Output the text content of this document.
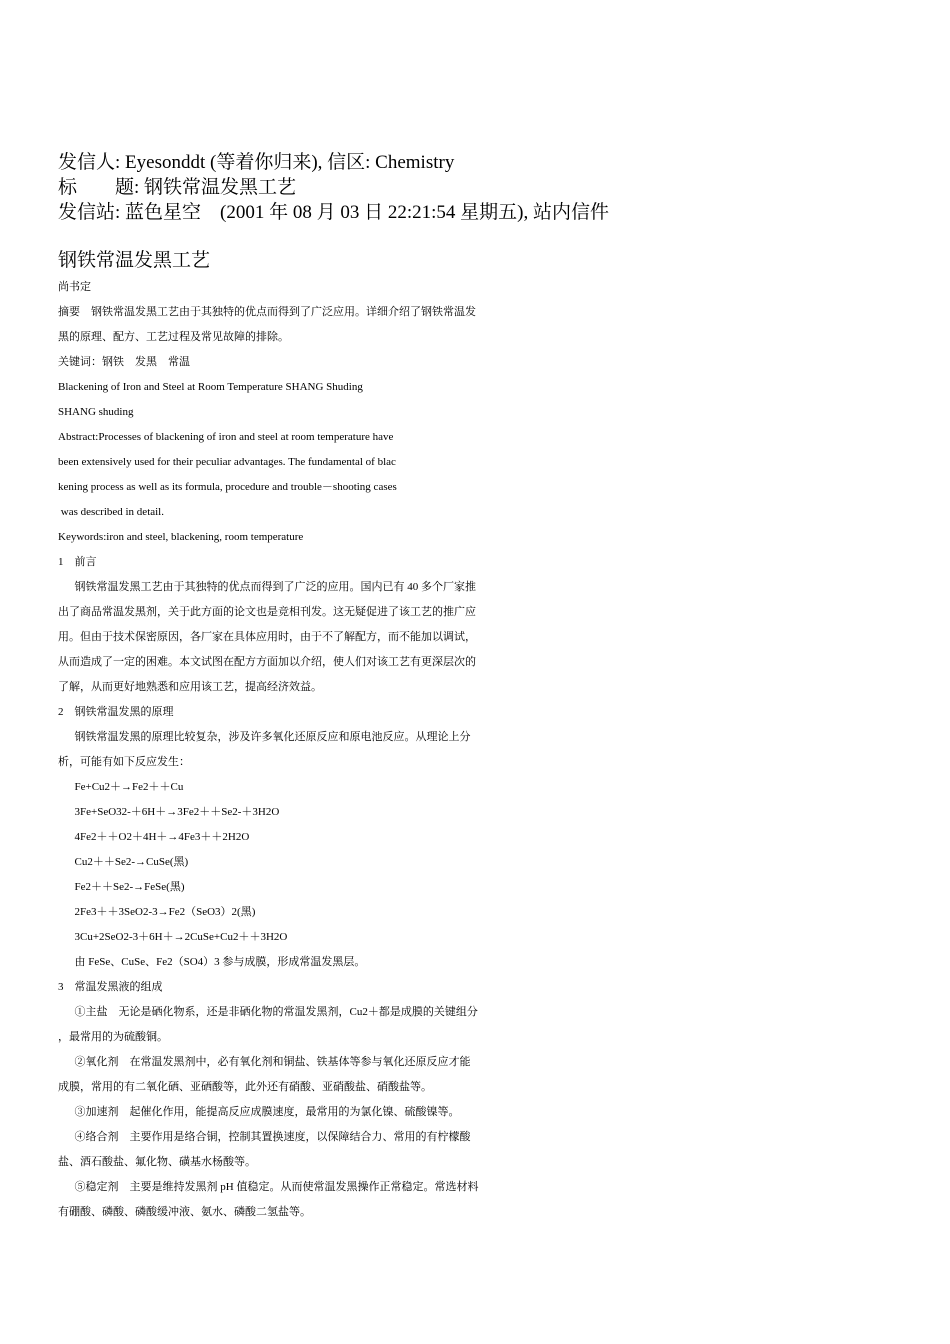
发信人: Eyesonddt (等着你归来), 信区: Chemistry
标        题: 钢铁常温发黑工艺
发信站: 蓝色星空    (2001 年 08 月 03 日 22:21:54 星期五), 站内信件
钢铁常温发黑工艺
尚书定
摘要    钢铁常温发黑工艺由于其独特的优点而得到了广泛应用。详细介绍了钢铁常温发
黑的原理、配方、工艺过程及常见故障的排除。
关键词：钢铁    发黑    常温
Blackening of Iron and Steel at Room Temperature SHANG Shuding
SHANG shuding
Abstract:Processes of blackening of iron and steel at room temperature have
been extensively used for their peculiar advantages. The fundamental of blac
kening process as well as its formula, procedure and trouble－shooting cases
was described in detail.
Keywords:iron and steel, blackening, room temperature
1    前言
钢铁常温发黑工艺由于其独特的优点而得到了广泛的应用。国内已有 40 多个厂家推
出了商品常温发黑剂，关于此方面的论文也是竞相刊发。这无疑促进了该工艺的推广应
用。但由于技术保密原因，各厂家在具体应用时，由于不了解配方，而不能加以调试，
从而造成了一定的困难。本文试图在配方方面加以介绍，使人们对该工艺有更深层次的
了解，从而更好地熟悉和应用该工艺，提高经济效益。
2    钢铁常温发黑的原理
钢铁常温发黑的原理比较复杂，涉及许多氧化还原反应和原电池反应。从理论上分
析，可能有如下反应发生：
Fe+Cu2＋→Fe2＋＋Cu
3Fe+SeO32-＋6H＋→3Fe2＋＋Se2-＋3H2O
4Fe2＋＋O2＋4H＋→4Fe3＋＋2H2O
Cu2＋＋Se2-→CuSe(黑)
Fe2＋＋Se2-→FeSe(黑)
2Fe3＋＋3SeO2-3→Fe2（SeO3）2(黑)
3Cu+2SeO2-3＋6H＋→2CuSe+Cu2＋＋3H2O
由 FeSe、CuSe、Fe2（SO4）3 参与成膜，形成常温发黑层。
3    常温发黑液的组成
①主盐    无论是硒化物系，还是非硒化物的常温发黑剂，Cu2＋都是成膜的关键组分
，最常用的为硫酸铜。
②氧化剂    在常温发黑剂中，必有氧化剂和铜盐、铁基体等参与氧化还原反应才能
成膜，常用的有二氧化硒、亚硒酸等，此外还有硝酸、亚硝酸盐、硝酸盐等。
③加速剂    起催化作用，能提高反应成膜速度，最常用的为氯化镍、硫酸镍等。
④络合剂    主要作用是络合铜，控制其置换速度，以保障结合力、常用的有柠檬酸
盐、酒石酸盐、氟化物、磺基水杨酸等。
⑤稳定剂    主要是维持发黑剂 pH 值稳定。从而使常温发黑操作正常稳定。常选材料
有硼酸、磷酸、磷酸缓冲液、氨水、磷酸二氢盐等。
